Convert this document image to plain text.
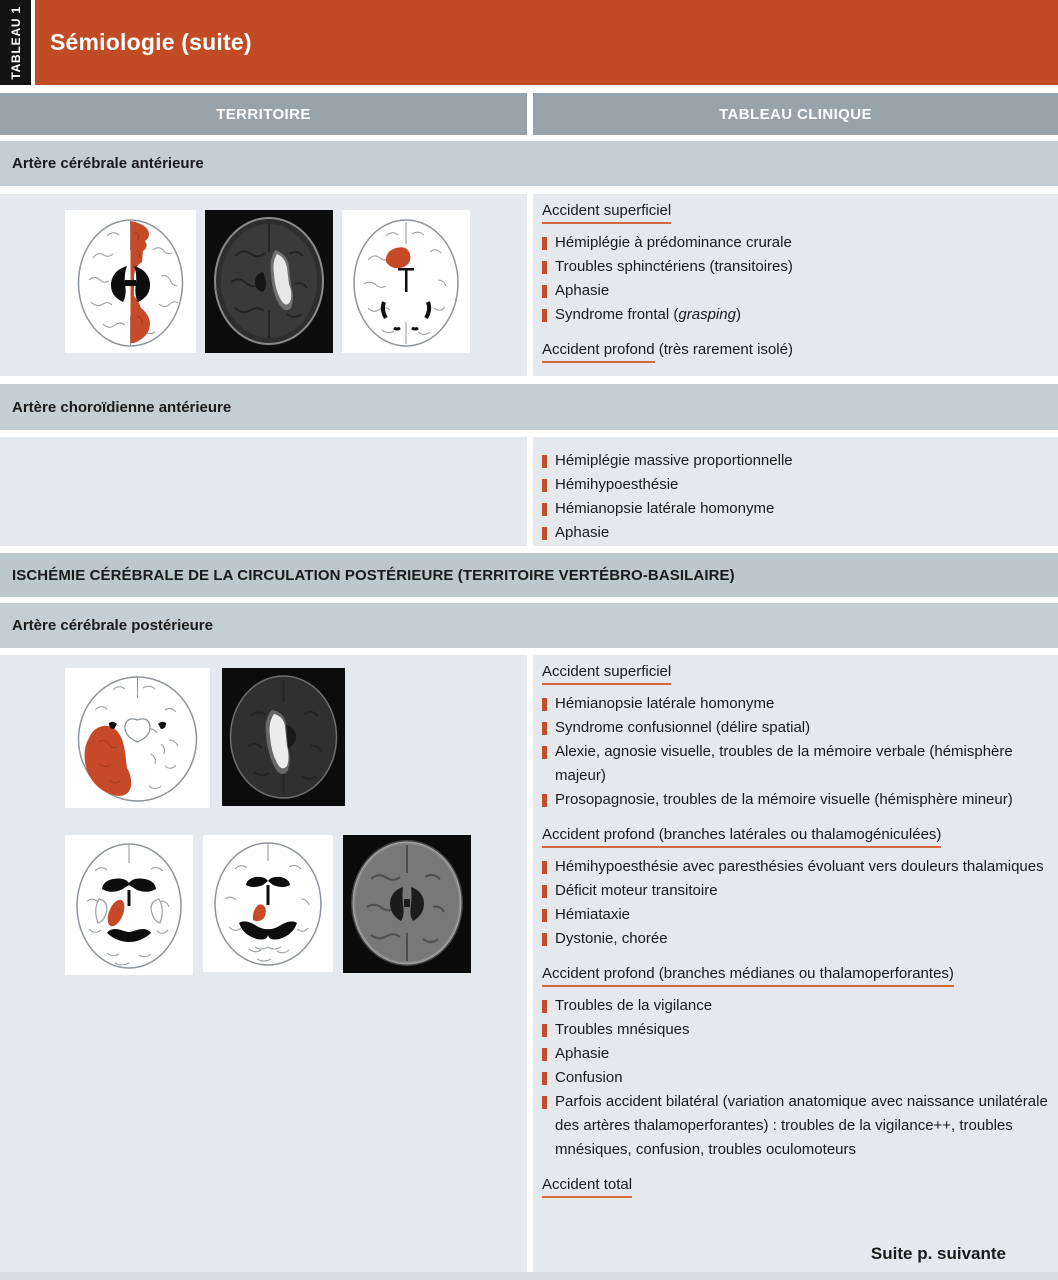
TABLEAU 1 Sémiologie (suite)
TERRITOIRE	TABLEAU CLINIQUE
Artère cérébrale antérieure
Accident superficiel
Hémiplégie à prédominance crurale
Troubles sphinctériens (transitoires)
Aphasie
Syndrome frontal (grasping)
Accident profond (très rarement isolé)
Artère choroïdienne antérieure
Hémiplégie massive proportionnelle
Hémihypoesthésie
Hémianopsie latérale homonyme
Aphasie
ISCHÉMIE CÉRÉBRALE DE LA CIRCULATION POSTÉRIEURE (TERRITOIRE VERTÉBRO-BASILAIRE)
Artère cérébrale postérieure
Accident superficiel
Hémianopsie latérale homonyme
Syndrome confusionnel (délire spatial)
Alexie, agnosie visuelle, troubles de la mémoire verbale (hémisphère majeur)
Prosopagnosie, troubles de la mémoire visuelle (hémisphère mineur)
Accident profond (branches latérales ou thalamogéniculées)
Hémihypoesthésie avec paresthésies évoluant vers douleurs thalamiques
Déficit moteur transitoire
Hémiataxie
Dystonie, chorée
Accident profond (branches médianes ou thalamoperforantes)
Troubles de la vigilance
Troubles mnésiques
Aphasie
Confusion
Parfois accident bilatéral (variation anatomique avec naissance unilatérale des artères thalamoperforantes) : troubles de la vigilance++, troubles mnésiques, confusion, troubles oculomoteurs
Accident total
Suite p. suivante
